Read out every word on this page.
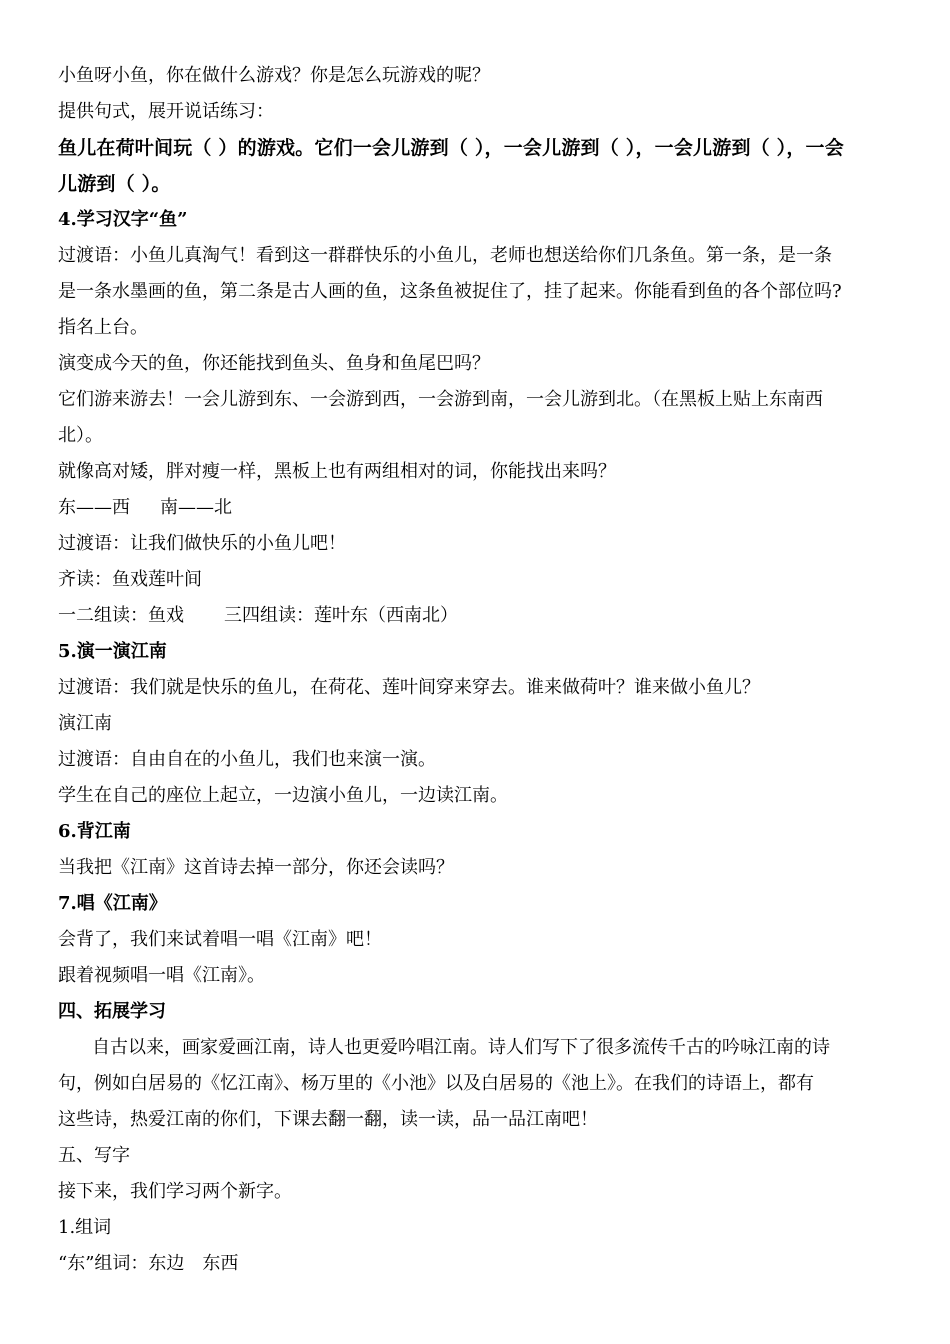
小鱼呀小鱼，你在做什么游戏？你是怎么玩游戏的呢？
提供句式，展开说话练习：
鱼儿在荷叶间玩（ ）的游戏。它们一会儿游到（ ），一会儿游到（ ），一会儿游到（ ），一会
儿游到（ ）。
4.学习汉字“鱼”
过渡语：小鱼儿真淘气！看到这一群群快乐的小鱼儿，老师也想送给你们几条鱼。第一条，是一条
是一条水墨画的鱼，第二条是古人画的鱼，这条鱼被捉住了，挂了起来。你能看到鱼的各个部位吗?
指名上台。
演变成今天的鱼，你还能找到鱼头、鱼身和鱼尾巴吗？
它们游来游去！一会儿游到东、一会游到西，一会游到南，一会儿游到北。（在黑板上贴上东南西
北）。
就像高对矮，胖对瘦一样，黑板上也有两组相对的词，你能找出来吗？
东——西 南——北
过渡语：让我们做快乐的小鱼儿吧！
齐读：鱼戏莲叶间
一二组读：鱼戏 三四组读：莲叶东（西南北）
5.演一演江南
过渡语：我们就是快乐的鱼儿，在荷花、莲叶间穿来穿去。谁来做荷叶？谁来做小鱼儿？
演江南
过渡语：自由自在的小鱼儿，我们也来演一演。
学生在自己的座位上起立，一边演小鱼儿，一边读江南。
6.背江南
当我把《江南》这首诗去掉一部分，你还会读吗？
7.唱《江南》
会背了，我们来试着唱一唱《江南》吧！
跟着视频唱一唱《江南》。
四、拓展学习
自古以来，画家爱画江南，诗人也更爱吟唱江南。诗人们写下了很多流传千古的吟咏江南的诗
句，例如白居易的《忆江南》、杨万里的《小池》以及白居易的《池上》。在我们的诗语上，都有
这些诗，热爱江南的你们，下课去翻一翻，读一读，品一品江南吧！
五、写字
接下来，我们学习两个新字。
1.组词
“东”组词：东边 东西
